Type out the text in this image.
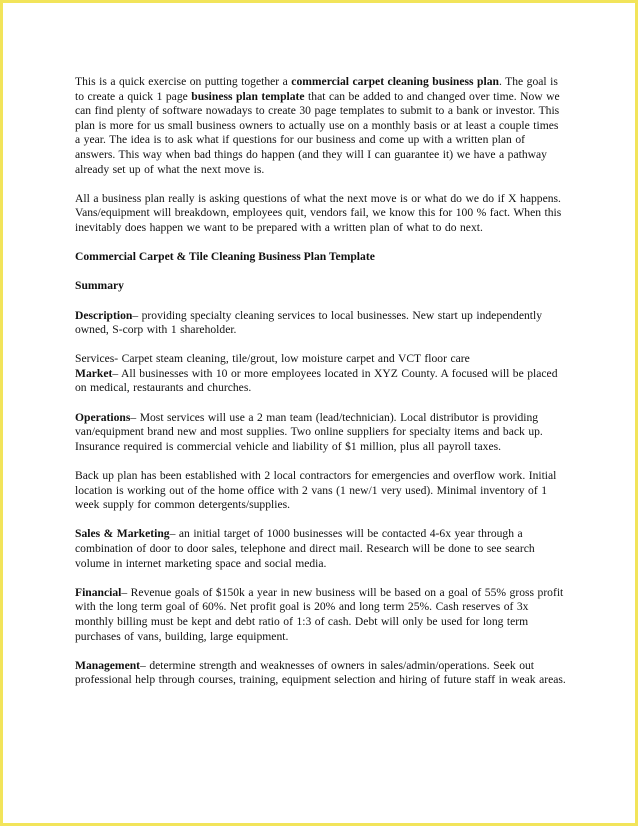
This is a quick exercise on putting together a commercial carpet cleaning business plan. The goal is to create a quick 1 page business plan template that can be added to and changed over time. Now we can find plenty of software nowadays to create 30 page templates to submit to a bank or investor. This plan is more for us small business owners to actually use on a monthly basis or at least a couple times a year. The idea is to ask what if questions for our business and come up with a written plan of answers. This way when bad things do happen (and they will I can guarantee it) we have a pathway already set up of what the next move is.

All a business plan really is asking questions of what the next move is or what do we do if X happens. Vans/equipment will breakdown, employees quit, vendors fail, we know this for 100 % fact. When this inevitably does happen we want to be prepared with a written plan of what to do next.

Commercial Carpet & Tile Cleaning Business Plan Template

Summary

Description– providing specialty cleaning services to local businesses. New start up independently owned, S-corp with 1 shareholder.

Services- Carpet steam cleaning, tile/grout, low moisture carpet and VCT floor care

Market– All businesses with 10 or more employees located in XYZ County. A focused will be placed on medical, restaurants and churches.

Operations– Most services will use a 2 man team (lead/technician). Local distributor is providing van/equipment brand new and most supplies. Two online suppliers for specialty items and back up. Insurance required is commercial vehicle and liability of $1 million, plus all payroll taxes.

Back up plan has been established with 2 local contractors for emergencies and overflow work. Initial location is working out of the home office with 2 vans (1 new/1 very used). Minimal inventory of 1 week supply for common detergents/supplies.

Sales & Marketing– an initial target of 1000 businesses will be contacted 4-6x year through a combination of door to door sales, telephone and direct mail. Research will be done to see search volume in internet marketing space and social media.

Financial– Revenue goals of $150k a year in new business will be based on a goal of 55% gross profit with the long term goal of 60%. Net profit goal is 20% and long term 25%. Cash reserves of 3x monthly billing must be kept and debt ratio of 1:3 of cash. Debt will only be used for long term purchases of vans, building, large equipment.

Management– determine strength and weaknesses of owners in sales/admin/operations. Seek out professional help through courses, training, equipment selection and hiring of future staff in weak areas.
